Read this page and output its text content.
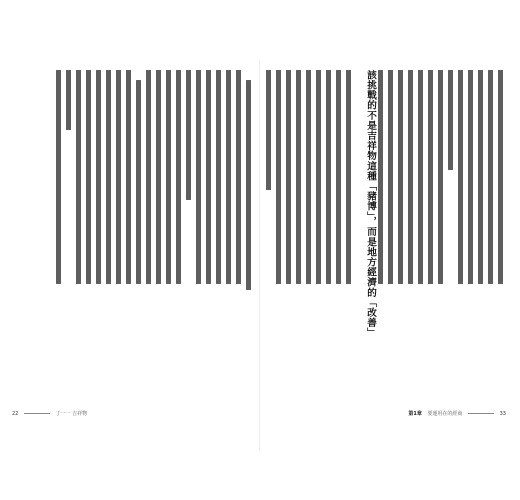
該挑戰的不是吉祥物這種「豬博」，而是地方經濟的「改善」
22	丁一一 吉祥物	第1章 要運用在的經商	33
